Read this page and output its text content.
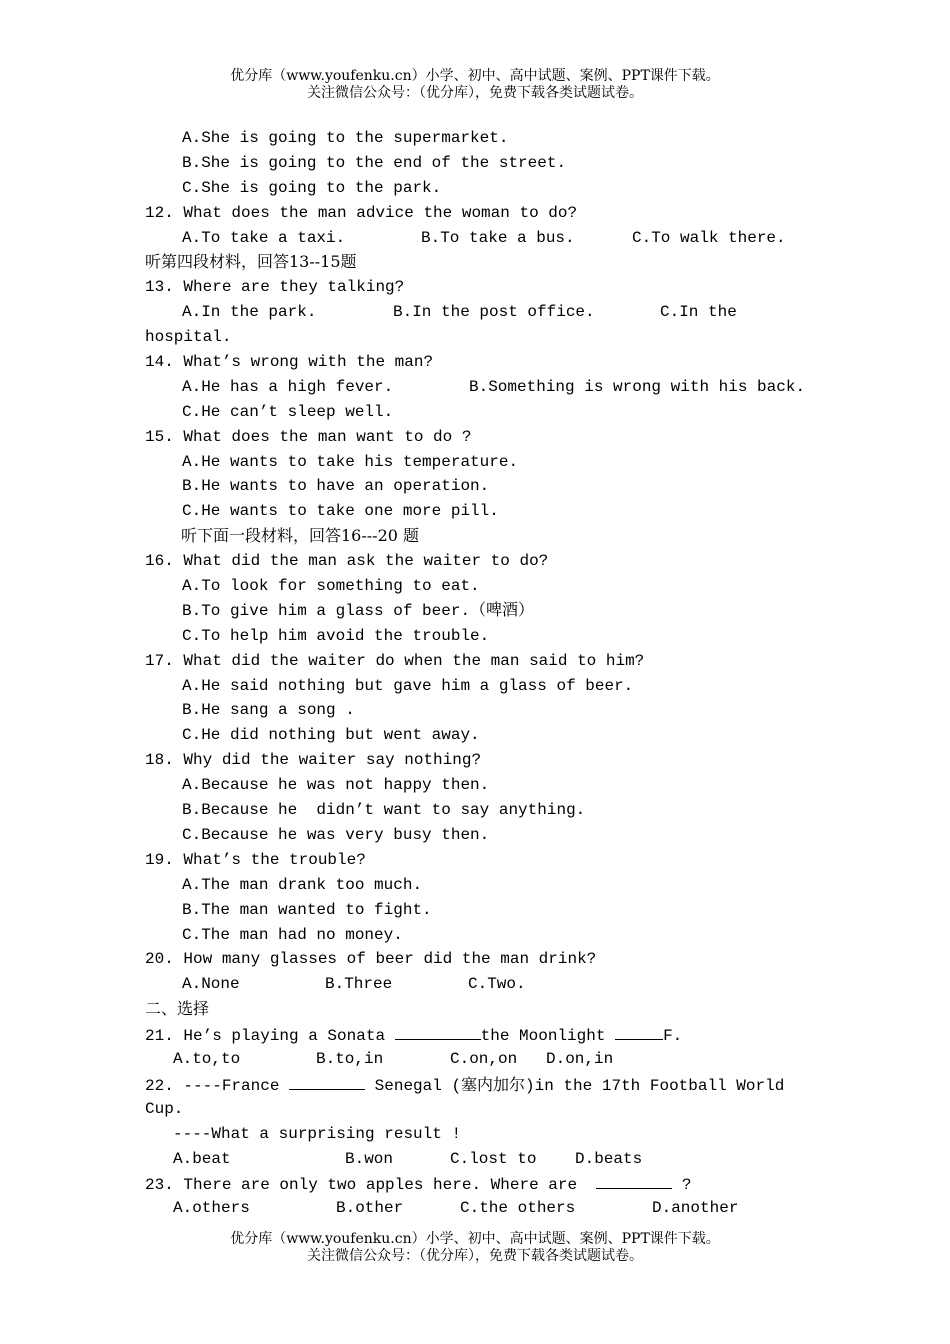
优分库（www.youfenku.cn）小学、初中、高中试题、案例、PPT课件下载。
关注微信公众号：（优分库），免费下载各类试题试卷。
A.She is going to the supermarket.
B.She is going to the end of the street.
C.She is going to the park.
12. What does the man advice the woman to do?
A.To take a taxi.	B.To take a bus.	C.To walk there.
听第四段材料，回答13--15题
13. Where are they talking?
A.In the park.	B.In the post office.	C.In the
hospital.
14. What’s wrong with the man?
A.He has a high fever.	B.Something is wrong with his back.
C.He can’t sleep well.
15. What does the man want to do ?
A.He wants to take his temperature.
B.He wants to have an operation.
C.He wants to take one more pill.
听下面一段材料，回答16---20 题
16. What did the man ask the waiter to do?
A.To look for something to eat.
B.To give him a glass of beer.（啤酒）
C.To help him avoid the trouble.
17. What did the waiter do when the man said to him?
A.He said nothing but gave him a glass of beer.
B.He sang a song .
C.He did nothing but went away.
18. Why did the waiter say nothing?
A.Because he was not happy then.
B.Because he  didn’t want to say anything.
C.Because he was very busy then.
19. What’s the trouble?
A.The man drank too much.
B.The man wanted to fight.
C.The man had no money.
20. How many glasses of beer did the man drink?
A.None	B.Three	C.Two.
二、选择
21. He’s playing a Sonata	the Moonlight	F.
A.to,to	B.to,in	C.on,on	D.on,in
22. ----France	Senegal (塞内加尔)in the 17th Football World
Cup.
----What a surprising result !
A.beat	B.won	C.lost to	D.beats
23. There are only two apples here. Where are	?
A.others	B.other	C.the others	D.another
优分库（www.youfenku.cn）小学、初中、高中试题、案例、PPT课件下载。
关注微信公众号：（优分库），免费下载各类试题试卷。
